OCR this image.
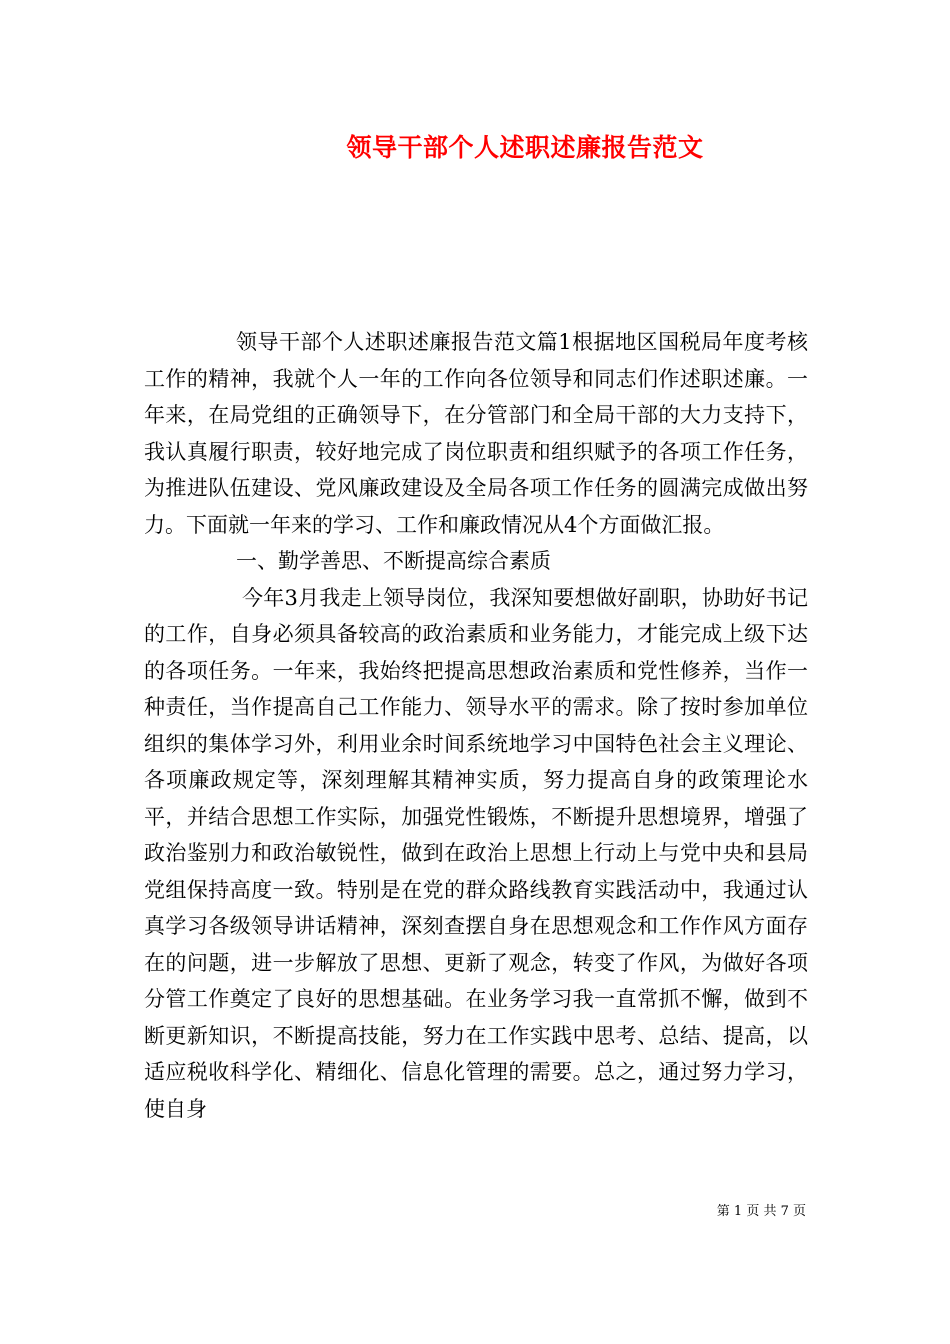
领导干部个人述职述廉报告范文

领导干部个人述职述廉报告范文篇1根据地区国税局年度考核工作的精神，我就个人一年的工作向各位领导和同志们作述职述廉。一年来，在局党组的正确领导下，在分管部门和全局干部的大力支持下，我认真履行职责，较好地完成了岗位职责和组织赋予的各项工作任务，为推进队伍建设、党风廉政建设及全局各项工作任务的圆满完成做出努力。下面就一年来的学习、工作和廉政情况从4个方面做汇报。

一、勤学善思、不断提高综合素质

今年3月我走上领导岗位，我深知要想做好副职，协助好书记的工作，自身必须具备较高的政治素质和业务能力，才能完成上级下达的各项任务。一年来，我始终把提高思想政治素质和党性修养，当作一种责任，当作提高自己工作能力、领导水平的需求。除了按时参加单位组织的集体学习外，利用业余时间系统地学习中国特色社会主义理论、各项廉政规定等，深刻理解其精神实质，努力提高自身的政策理论水平，并结合思想工作实际，加强党性锻炼，不断提升思想境界，增强了政治鉴别力和政治敏锐性，做到在政治上思想上行动上与党中央和县局党组保持高度一致。特别是在党的群众路线教育实践活动中，我通过认真学习各级领导讲话精神，深刻查摆自身在思想观念和工作作风方面存在的问题，进一步解放了思想、更新了观念，转变了作风，为做好各项分管工作奠定了良好的思想基础。在业务学习我一直常抓不懈，做到不断更新知识，不断提高技能，努力在工作实践中思考、总结、提高，以适应税收科学化、精细化、信息化管理的需要。总之，通过努力学习，使自身

第 1 页 共 7 页
